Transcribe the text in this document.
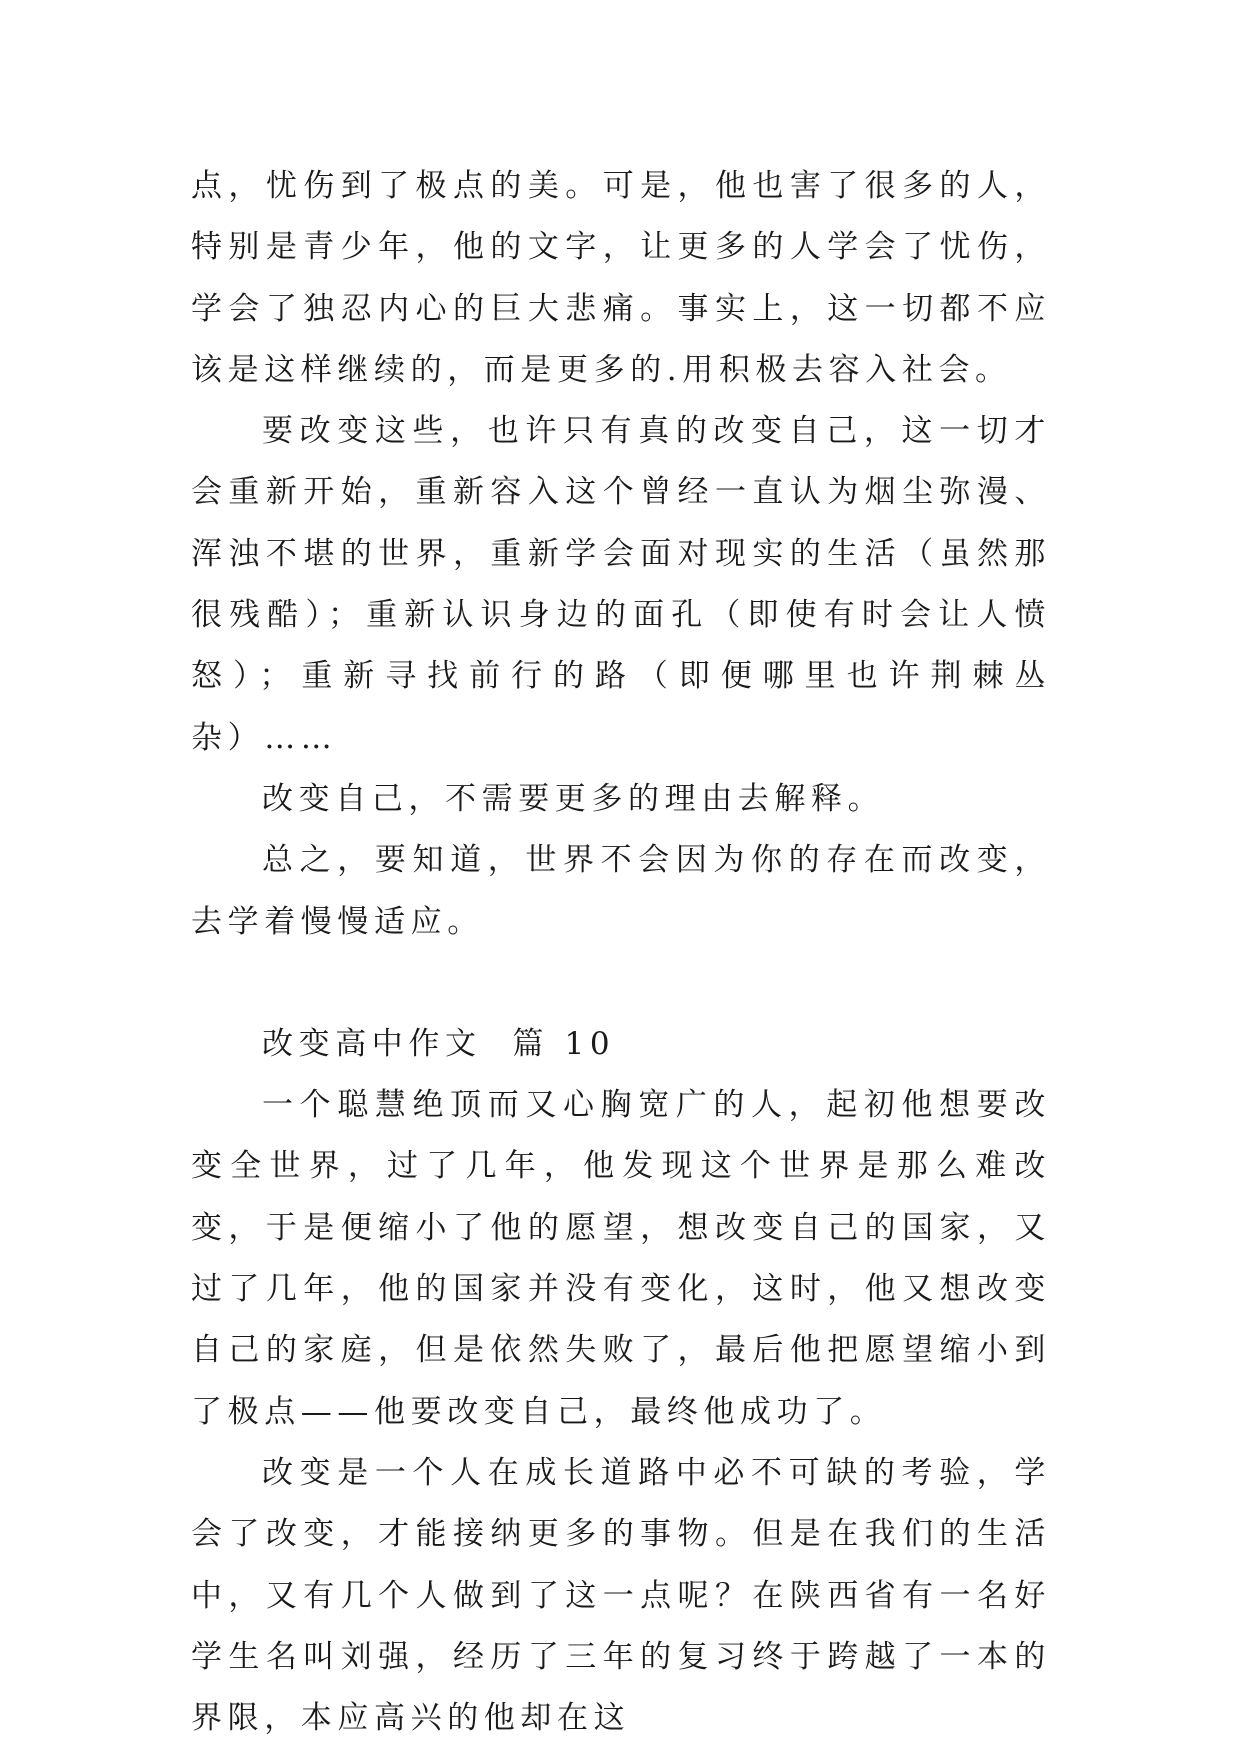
点，忧伤到了极点的美。可是，他也害了很多的人，特别是青少年，他的文字，让更多的人学会了忧伤，学会了独忍内心的巨大悲痛。事实上，这一切都不应该是这样继续的，而是更多的.用积极去容入社会。

要改变这些，也许只有真的改变自己，这一切才会重新开始，重新容入这个曾经一直认为烟尘弥漫、浑浊不堪的世界，重新学会面对现实的生活（虽然那很残酷）；重新认识身边的面孔（即使有时会让人愤怒）；重新寻找前行的路（即便哪里也许荆棘丛杂）……

改变自己，不需要更多的理由去解释。

总之，要知道，世界不会因为你的存在而改变，去学着慢慢适应。

改变高中作文  篇 10

一个聪慧绝顶而又心胸宽广的人，起初他想要改变全世界，过了几年，他发现这个世界是那么难改变，于是便缩小了他的愿望，想改变自己的国家，又过了几年，他的国家并没有变化，这时，他又想改变自己的家庭，但是依然失败了，最后他把愿望缩小到了极点——他要改变自己，最终他成功了。

改变是一个人在成长道路中必不可缺的考验，学会了改变，才能接纳更多的事物。但是在我们的生活中，又有几个人做到了这一点呢？在陕西省有一名好学生名叫刘强，经历了三年的复习终于跨越了一本的界限，本应高兴的他却在这
